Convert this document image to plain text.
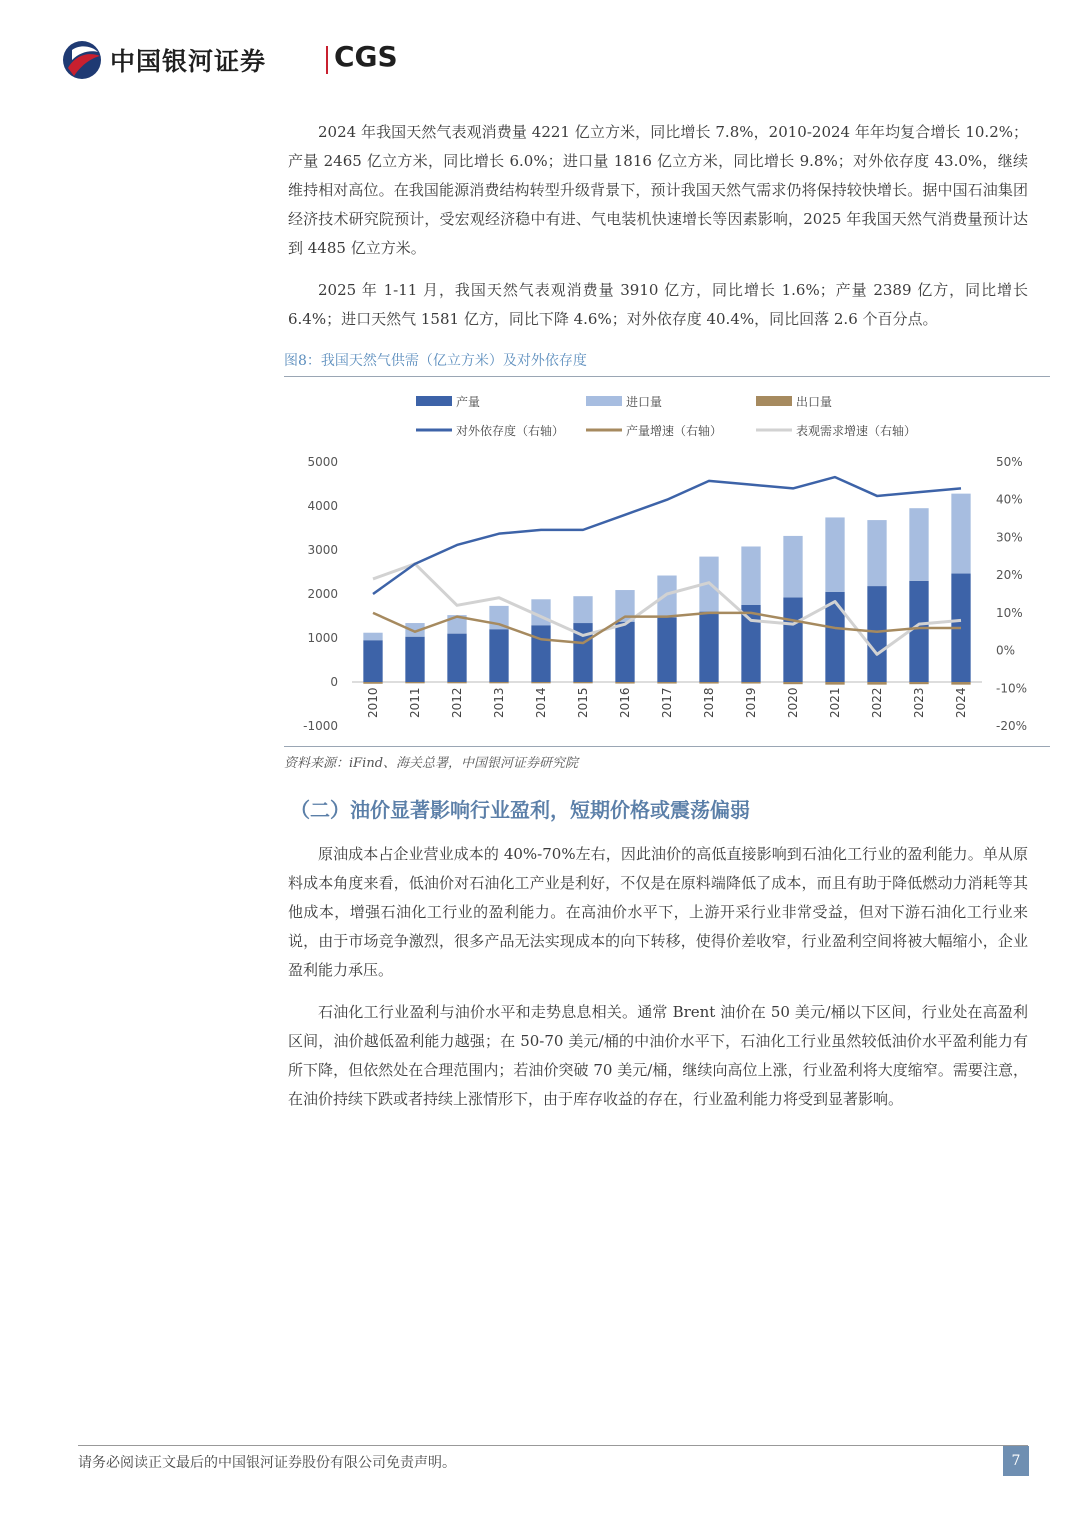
中国银河证券 CGS

2024 年我国天然气表观消费量 4221 亿立方米，同比增长 7.8%，2010-2024 年年均复合增长 10.2%；产量 2465 亿立方米，同比增长 6.0%；进口量 1816 亿立方米，同比增长 9.8%；对外依存度 43.0%，继续维持相对高位。在我国能源消费结构转型升级背景下，预计我国天然气需求仍将保持较快增长。据中国石油集团经济技术研究院预计，受宏观经济稳中有进、气电装机快速增长等因素影响，2025 年我国天然气消费量预计达到 4485 亿立方米。

2025 年 1-11 月，我国天然气表观消费量 3910 亿方，同比增长 1.6%；产量 2389 亿方，同比增长 6.4%；进口天然气 1581 亿方，同比下降 4.6%；对外依存度 40.4%，同比回落 2.6 个百分点。

图8：我国天然气供需（亿立方米）及对外依存度

产量	进口量	出口量
对外依存度（右轴）	产量增速（右轴）	表观需求增速（右轴）
5000
4000
3000
2000
1000
0
-1000
50%
40%
30%
20%
10%
0%
-10%
-20%
2010 2011 2012 2013 2014 2015 2016 2017 2018 2019 2020 2021 2022 2023 2024
资料来源：iFind、海关总署，中国银河证券研究院
（二）油价显著影响行业盈利，短期价格或震荡偏弱

原油成本占企业营业成本的 40%-70%左右，因此油价的高低直接影响到石油化工行业的盈利能力。单从原料成本角度来看，低油价对石油化工产业是利好，不仅是在原料端降低了成本，而且有助于降低燃动力消耗等其他成本，增强石油化工行业的盈利能力。在高油价水平下，上游开采行业非常受益，但对下游石油化工行业来说，由于市场竞争激烈，很多产品无法实现成本的向下转移，使得价差收窄，行业盈利空间将被大幅缩小，企业盈利能力承压。

石油化工行业盈利与油价水平和走势息息相关。通常 Brent 油价在 50 美元/桶以下区间，行业处在高盈利区间，油价越低盈利能力越强；在 50-70 美元/桶的中油价水平下，石油化工行业虽然较低油价水平盈利能力有所下降，但依然处在合理范围内；若油价突破 70 美元/桶，继续向高位上涨，行业盈利将大度缩窄。需要注意，在油价持续下跌或者持续上涨情形下，由于库存收益的存在，行业盈利能力将受到显著影响。

请务必阅读正文最后的中国银河证券股份有限公司免责声明。	7
